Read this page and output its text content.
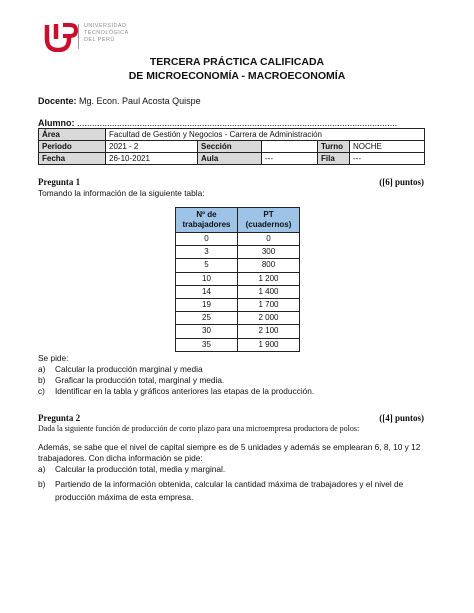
UNIVERSIDAD
TECNOLÓGICA
DEL PERÚ
TERCERA PRÁCTICA CALIFICADA
DE MICROECONOMÍA - MACROECONOMÍA
Docente: Mg. Econ. Paul Acosta Quispe
Alumno: ................................................................................................................................
Área	Facultad de Gestión y Negocios - Carrera de Administración				
Periodo	2021 - 2	Sección		Turno	NOCHE
Fecha	26-10-2021	Aula	---	Fila	---
Pregunta 1	([6] puntos)
Tomando la información de la siguiente tabla:
Nº de
trabajadores	PT
(cuadernos)
0	0
3	300
5	800
10	1 200
14	1 400
19	1 700
25	2 000
30	2 100
35	1 900
Se pide:
a)	Calcular la producción marginal y media
b)	Graficar la producción total, marginal y media.
c)	Identificar en la tabla y gráficos anteriores las etapas de la producción.
Pregunta 2	([4] puntos)
Dada la siguiente función de producción de corto plazo para una microempresa productora de polos:
Además, se sabe que el nivel de capital siempre es de 5 unidades y además se emplearan 6, 8, 10 y 12
trabajadores. Con dicha información se pide:
a)	Calcular la producción total, media y marginal.
b)	Partiendo de la información obtenida, calcular la cantidad máxima de trabajadores y el nivel de
producción máxima de esta empresa.
